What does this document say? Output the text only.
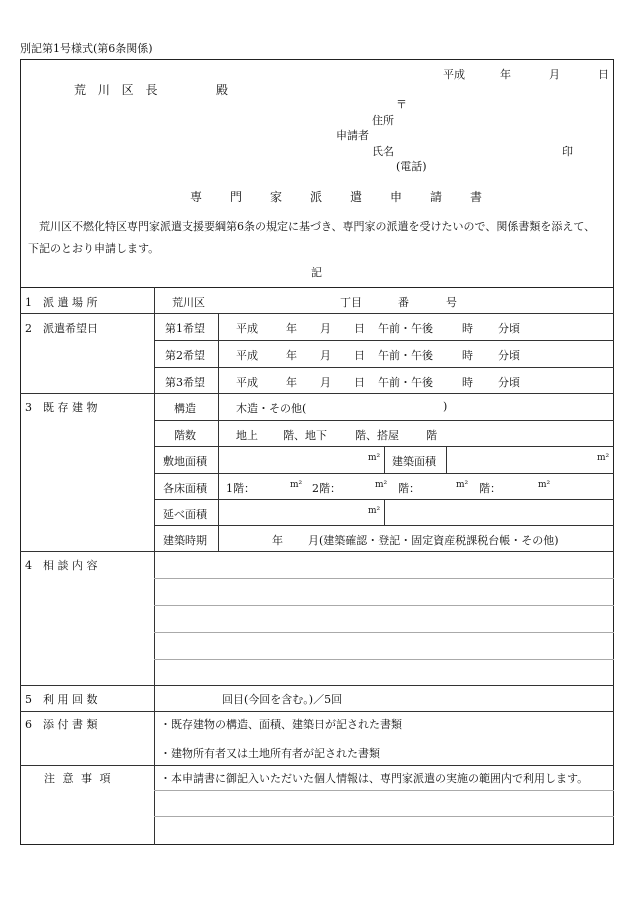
別記第1号様式(第6条関係)
平成	年	月	日
荒 川 区 長	殿
〒
住所
申請者
氏名	印
(電話)
専門家派遣申請書
荒川区不燃化特区専門家派遣支援要綱第6条の規定に基づき、専門家の派遣を受けたいので、関係書類を添えて、下記のとおり申請します。
記
1　派 遣 場 所	荒川区	丁目	番	号
2　派遣希望日	第1希望	平成	年 月 日 午前・午後	時 分頃
第2希望	平成	年 月 日 午前・午後	時 分頃
第3希望	平成	年 月 日 午前・午後	時 分頃
3　既 存 建 物	構造	木造・その他(	)
階数	地上 階、地下	階、搭屋 階
敷地面積	m² 建築面積	m²
各床面積 1階：	m² 2階：	m² 階：	m² 階：	m²
延べ面積	m²
建築時期	年 月(建築確認・登記・固定資産税課税台帳・その他)
4　相 談 内 容
5　利 用 回 数	回目(今回を含む。)／5回
6　添 付 書 類	・既存建物の構造、面積、建築日が記された書類
・建物所有者又は土地所有者が記された書類
注 意 事 項	・本申請書に御記入いただいた個人情報は、専門家派遣の実施の範囲内で利用します。
